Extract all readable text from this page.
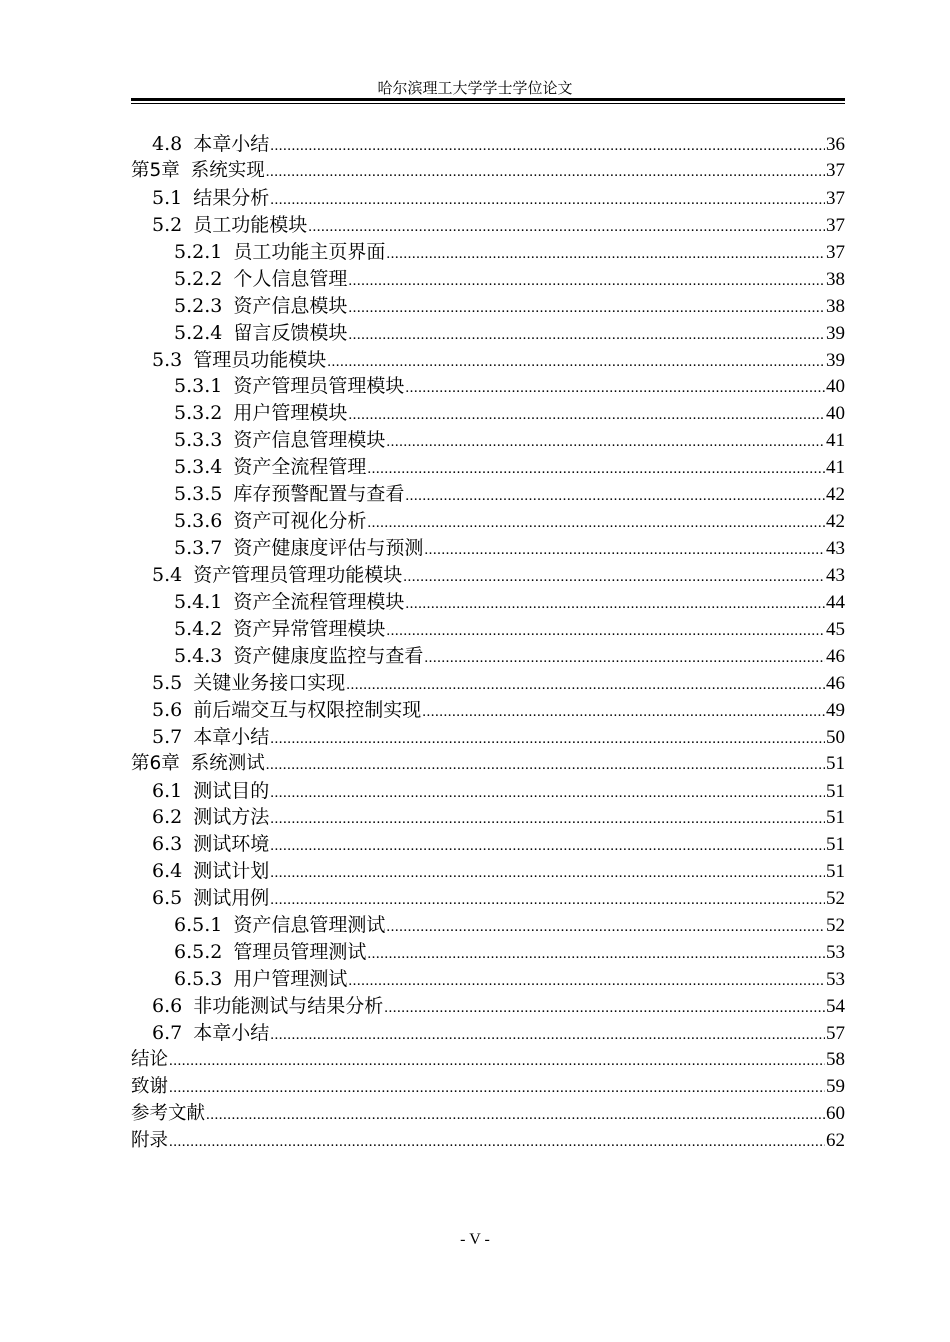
哈尔滨理工大学学士学位论文
4.8 本章小结 .....	36
第5章 系统实现 .....	37
5.1 结果分析 .....	37
5.2 员工功能模块 .....	37
5.2.1 员工功能主页界面 .....	37
5.2.2 个人信息管理 .....	38
5.2.3 资产信息模块 .....	38
5.2.4 留言反馈模块 .....	39
5.3 管理员功能模块 .....	39
5.3.1 资产管理员管理模块 .....	40
5.3.2 用户管理模块 .....	40
5.3.3 资产信息管理模块 .....	41
5.3.4 资产全流程管理 .....	41
5.3.5 库存预警配置与查看 .....	42
5.3.6 资产可视化分析 .....	42
5.3.7 资产健康度评估与预测 .....	43
5.4 资产管理员管理功能模块 .....	43
5.4.1 资产全流程管理模块 .....	44
5.4.2 资产异常管理模块 .....	45
5.4.3 资产健康度监控与查看 .....	46
5.5 关键业务接口实现 .....	46
5.6 前后端交互与权限控制实现 .....	49
5.7 本章小结 .....	50
第6章 系统测试 .....	51
6.1 测试目的 .....	51
6.2 测试方法 .....	51
6.3 测试环境 .....	51
6.4 测试计划 .....	51
6.5 测试用例 .....	52
6.5.1 资产信息管理测试 .....	52
6.5.2 管理员管理测试 .....	53
6.5.3 用户管理测试 .....	53
6.6 非功能测试与结果分析 .....	54
6.7 本章小结 .....	57
结论 .....	58
致谢 .....	59
参考文献 .....	60
附录 .....	62
- V -
